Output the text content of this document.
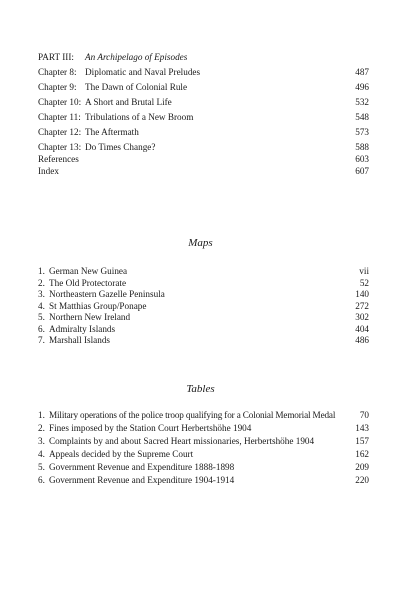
PART III: An Archipelago of Episodes
Chapter 8: Diplomatic and Naval Preludes	487
Chapter 9: The Dawn of Colonial Rule	496
Chapter 10: A Short and Brutal Life	532
Chapter 11: Tribulations of a New Broom	548
Chapter 12: The Aftermath	573
Chapter 13: Do Times Change?	588
References	603
Index	607
Maps
1. German New Guinea	vii
2. The Old Protectorate	52
3. Northeastern Gazelle Peninsula	140
4. St Matthias Group/Ponape	272
5. Northern New Ireland	302
6. Admiralty Islands	404
7. Marshall Islands	486
Tables
1. Military operations of the police troop qualifying for a Colonial Memorial Medal	70
2. Fines imposed by the Station Court Herbertshöhe 1904	143
3. Complaints by and about Sacred Heart missionaries, Herbertshöhe 1904	157
4. Appeals decided by the Supreme Court	162
5. Government Revenue and Expenditure 1888-1898	209
6. Government Revenue and Expenditure 1904-1914	220
